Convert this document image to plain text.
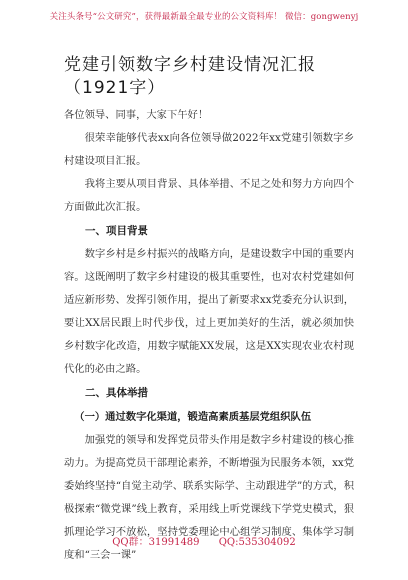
关注头条号“公文研究”，获得最新最全最专业的公文资料库！ 微信：gongwenyj
党建引领数字乡村建设情况汇报（1921字）

各位领导、同事，大家下午好！

很荣幸能够代表xx向各位领导做2022年xx党建引领数字乡村建设项目汇报。

我将主要从项目背景、具体举措、不足之处和努力方向四个方面做此次汇报。

一、项目背景

数字乡村是乡村振兴的战略方向，是建设数字中国的重要内容。这既阐明了数字乡村建设的极其重要性，也对农村党建如何适应新形势、发挥引领作用，提出了新要求xx党委充分认识到，要让XX居民跟上时代步伐，过上更加美好的生活，就必须加快乡村数字化改造，用数字赋能XX发展，这是XX实现农业农村现代化的必由之路。

二、具体举措

（一）通过数字化渠道，锻造高素质基层党组织队伍

加强党的领导和发挥党员带头作用是数字乡村建设的核心推动力。为提高党员干部理论素养，不断增强为民服务本领，xx党委始终坚持“自觉主动学、联系实际学、主动跟进学”的方式，积极探索“微党课”线上教育，采用线上听党课线下学党史模式，狠抓理论学习不放松，坚持党委理论中心组学习制度、集体学习制度和“三会一课”

QQ群：31991489 QQ:535304092
